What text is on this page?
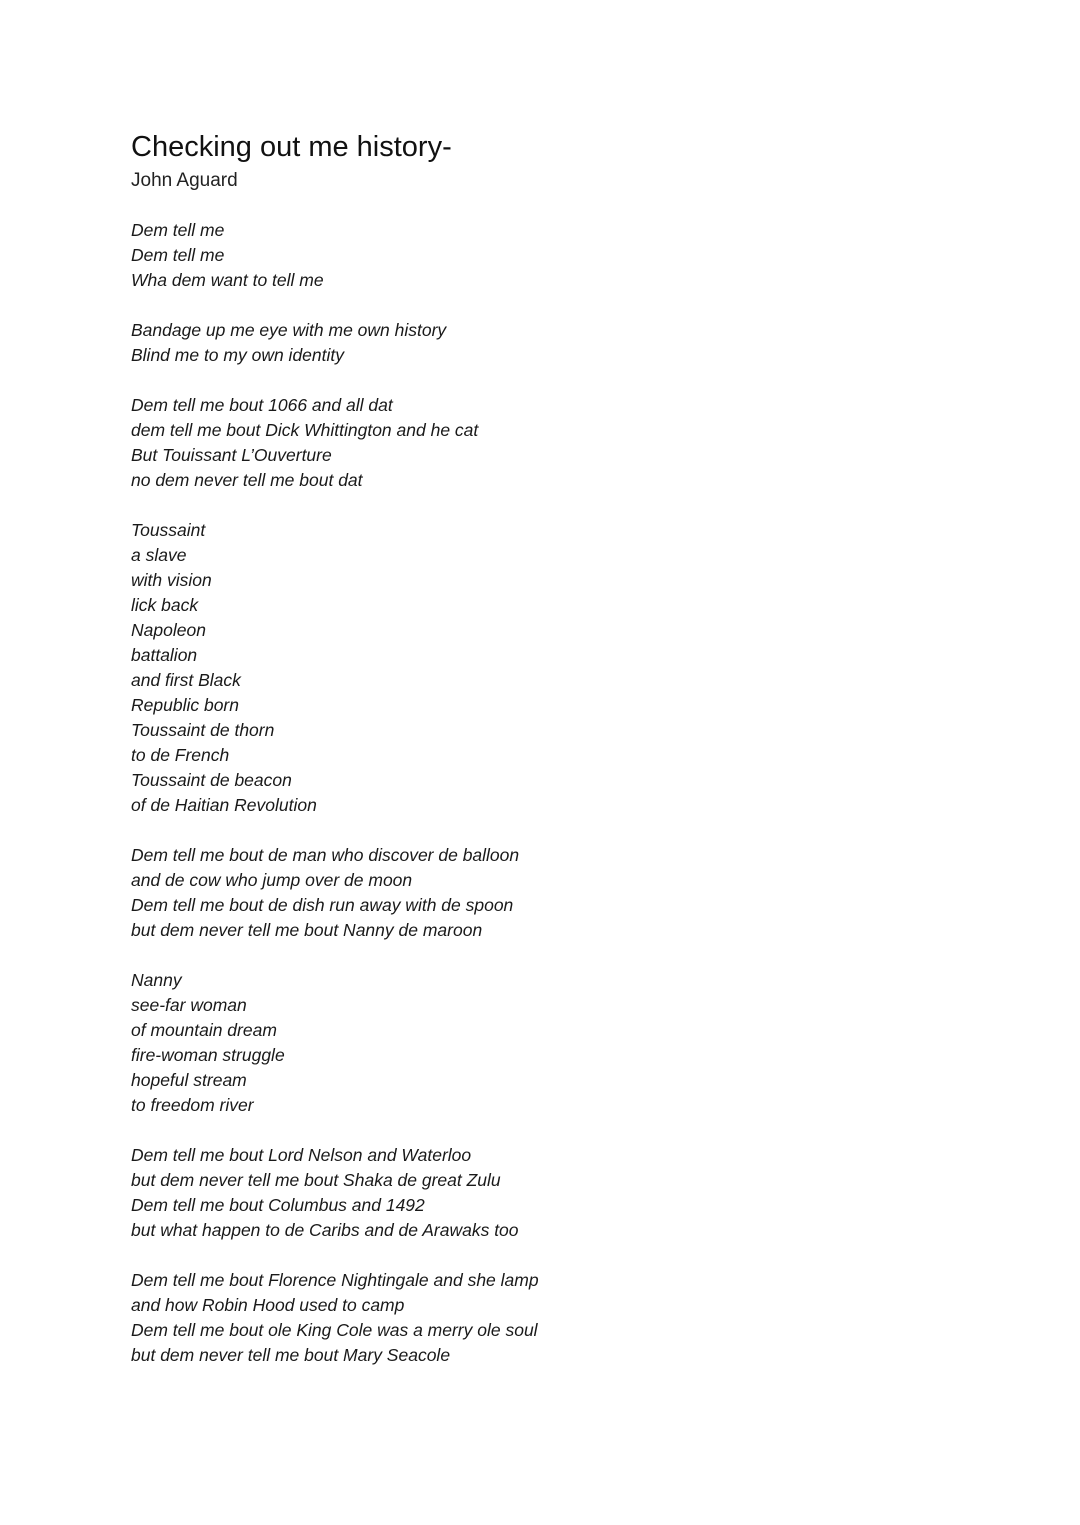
Checking out me history-
John Aguard
Dem tell me
Dem tell me
Wha dem want to tell me
Bandage up me eye with me own history
Blind me to my own identity
Dem tell me bout 1066 and all dat
dem tell me bout Dick Whittington and he cat
But Touissant L’Ouverture
no dem never tell me bout dat
Toussaint
a slave
with vision
lick back
Napoleon
battalion
and first Black
Republic born
Toussaint de thorn
to de French
Toussaint de beacon
of de Haitian Revolution
Dem tell me bout de man who discover de balloon
and de cow who jump over de moon
Dem tell me bout de dish run away with de spoon
but dem never tell me bout Nanny de maroon
Nanny
see-far woman
of mountain dream
fire-woman struggle
hopeful stream
to freedom river
Dem tell me bout Lord Nelson and Waterloo
but dem never tell me bout Shaka de great Zulu
Dem tell me bout Columbus and 1492
but what happen to de Caribs and de Arawaks too
Dem tell me bout Florence Nightingale and she lamp
and how Robin Hood used to camp
Dem tell me bout ole King Cole was a merry ole soul
but dem never tell me bout Mary Seacole
